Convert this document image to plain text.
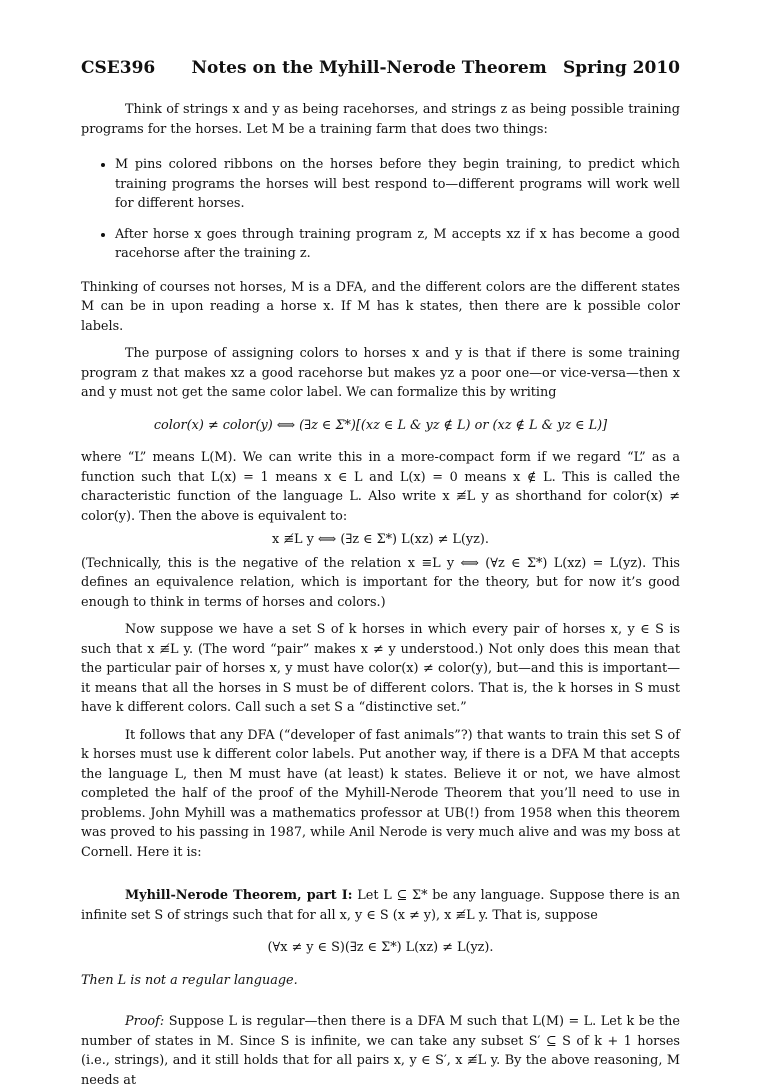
CSE396 Notes on the Myhill-Nerode Theorem Spring 2010

Think of strings x and y as being racehorses, and strings z as being possible training programs for the horses. Let M be a training farm that does two things:

• M pins colored ribbons on the horses before they begin training, to predict which training programs the horses will best respond to—different programs will work well for different horses.
• After horse x goes through training program z, M accepts xz if x has become a good racehorse after the training z.

Thinking of courses not horses, M is a DFA, and the different colors are the different states M can be in upon reading a horse x. If M has k states, then there are k possible color labels.

The purpose of assigning colors to horses x and y is that if there is some training program z that makes xz a good racehorse but makes yz a poor one—or vice-versa—then x and y must not get the same color label. We can formalize this by writing

color(x) ≠ color(y) ⟺ (∃z ∈ Σ*)[(xz ∈ L & yz ∉ L) or (xz ∉ L & yz ∈ L)]

where “L” means L(M). We can write this in a more-compact form if we regard “L” as a function such that L(x) = 1 means x ∈ L and L(x) = 0 means x ∉ L. This is called the characteristic function of the language L. Also write x ≢L y as shorthand for color(x) ≠ color(y). Then the above is equivalent to:

x ≢L y ⟺ (∃z ∈ Σ*) L(xz) ≠ L(yz).

(Technically, this is the negative of the relation x ≡L y ⟺ (∀z ∈ Σ*) L(xz) = L(yz). This defines an equivalence relation, which is important for the theory, but for now it’s good enough to think in terms of horses and colors.)

Now suppose we have a set S of k horses in which every pair of horses x, y ∈ S is such that x ≢L y. (The word “pair” makes x ≠ y understood.) Not only does this mean that the particular pair of horses x, y must have color(x) ≠ color(y), but—and this is important—it means that all the horses in S must be of different colors. That is, the k horses in S must have k different colors. Call such a set S a “distinctive set.”

It follows that any DFA (“developer of fast animals”?) that wants to train this set S of k horses must use k different color labels. Put another way, if there is a DFA M that accepts the language L, then M must have (at least) k states. Believe it or not, we have almost completed the half of the proof of the Myhill-Nerode Theorem that you’ll need to use in problems. John Myhill was a mathematics professor at UB(!) from 1958 when this theorem was proved to his passing in 1987, while Anil Nerode is very much alive and was my boss at Cornell. Here it is:

Myhill-Nerode Theorem, part I: Let L ⊆ Σ* be any language. Suppose there is an infinite set S of strings such that for all x, y ∈ S (x ≠ y), x ≢L y. That is, suppose

(∀x ≠ y ∈ S)(∃z ∈ Σ*) L(xz) ≠ L(yz).

Then L is not a regular language.

Proof: Suppose L is regular—then there is a DFA M such that L(M) = L. Let k be the number of states in M. Since S is infinite, we can take any subset S′ ⊆ S of k + 1 horses (i.e., strings), and it still holds that for all pairs x, y ∈ S′, x ≢L y. By the above reasoning, M needs at
